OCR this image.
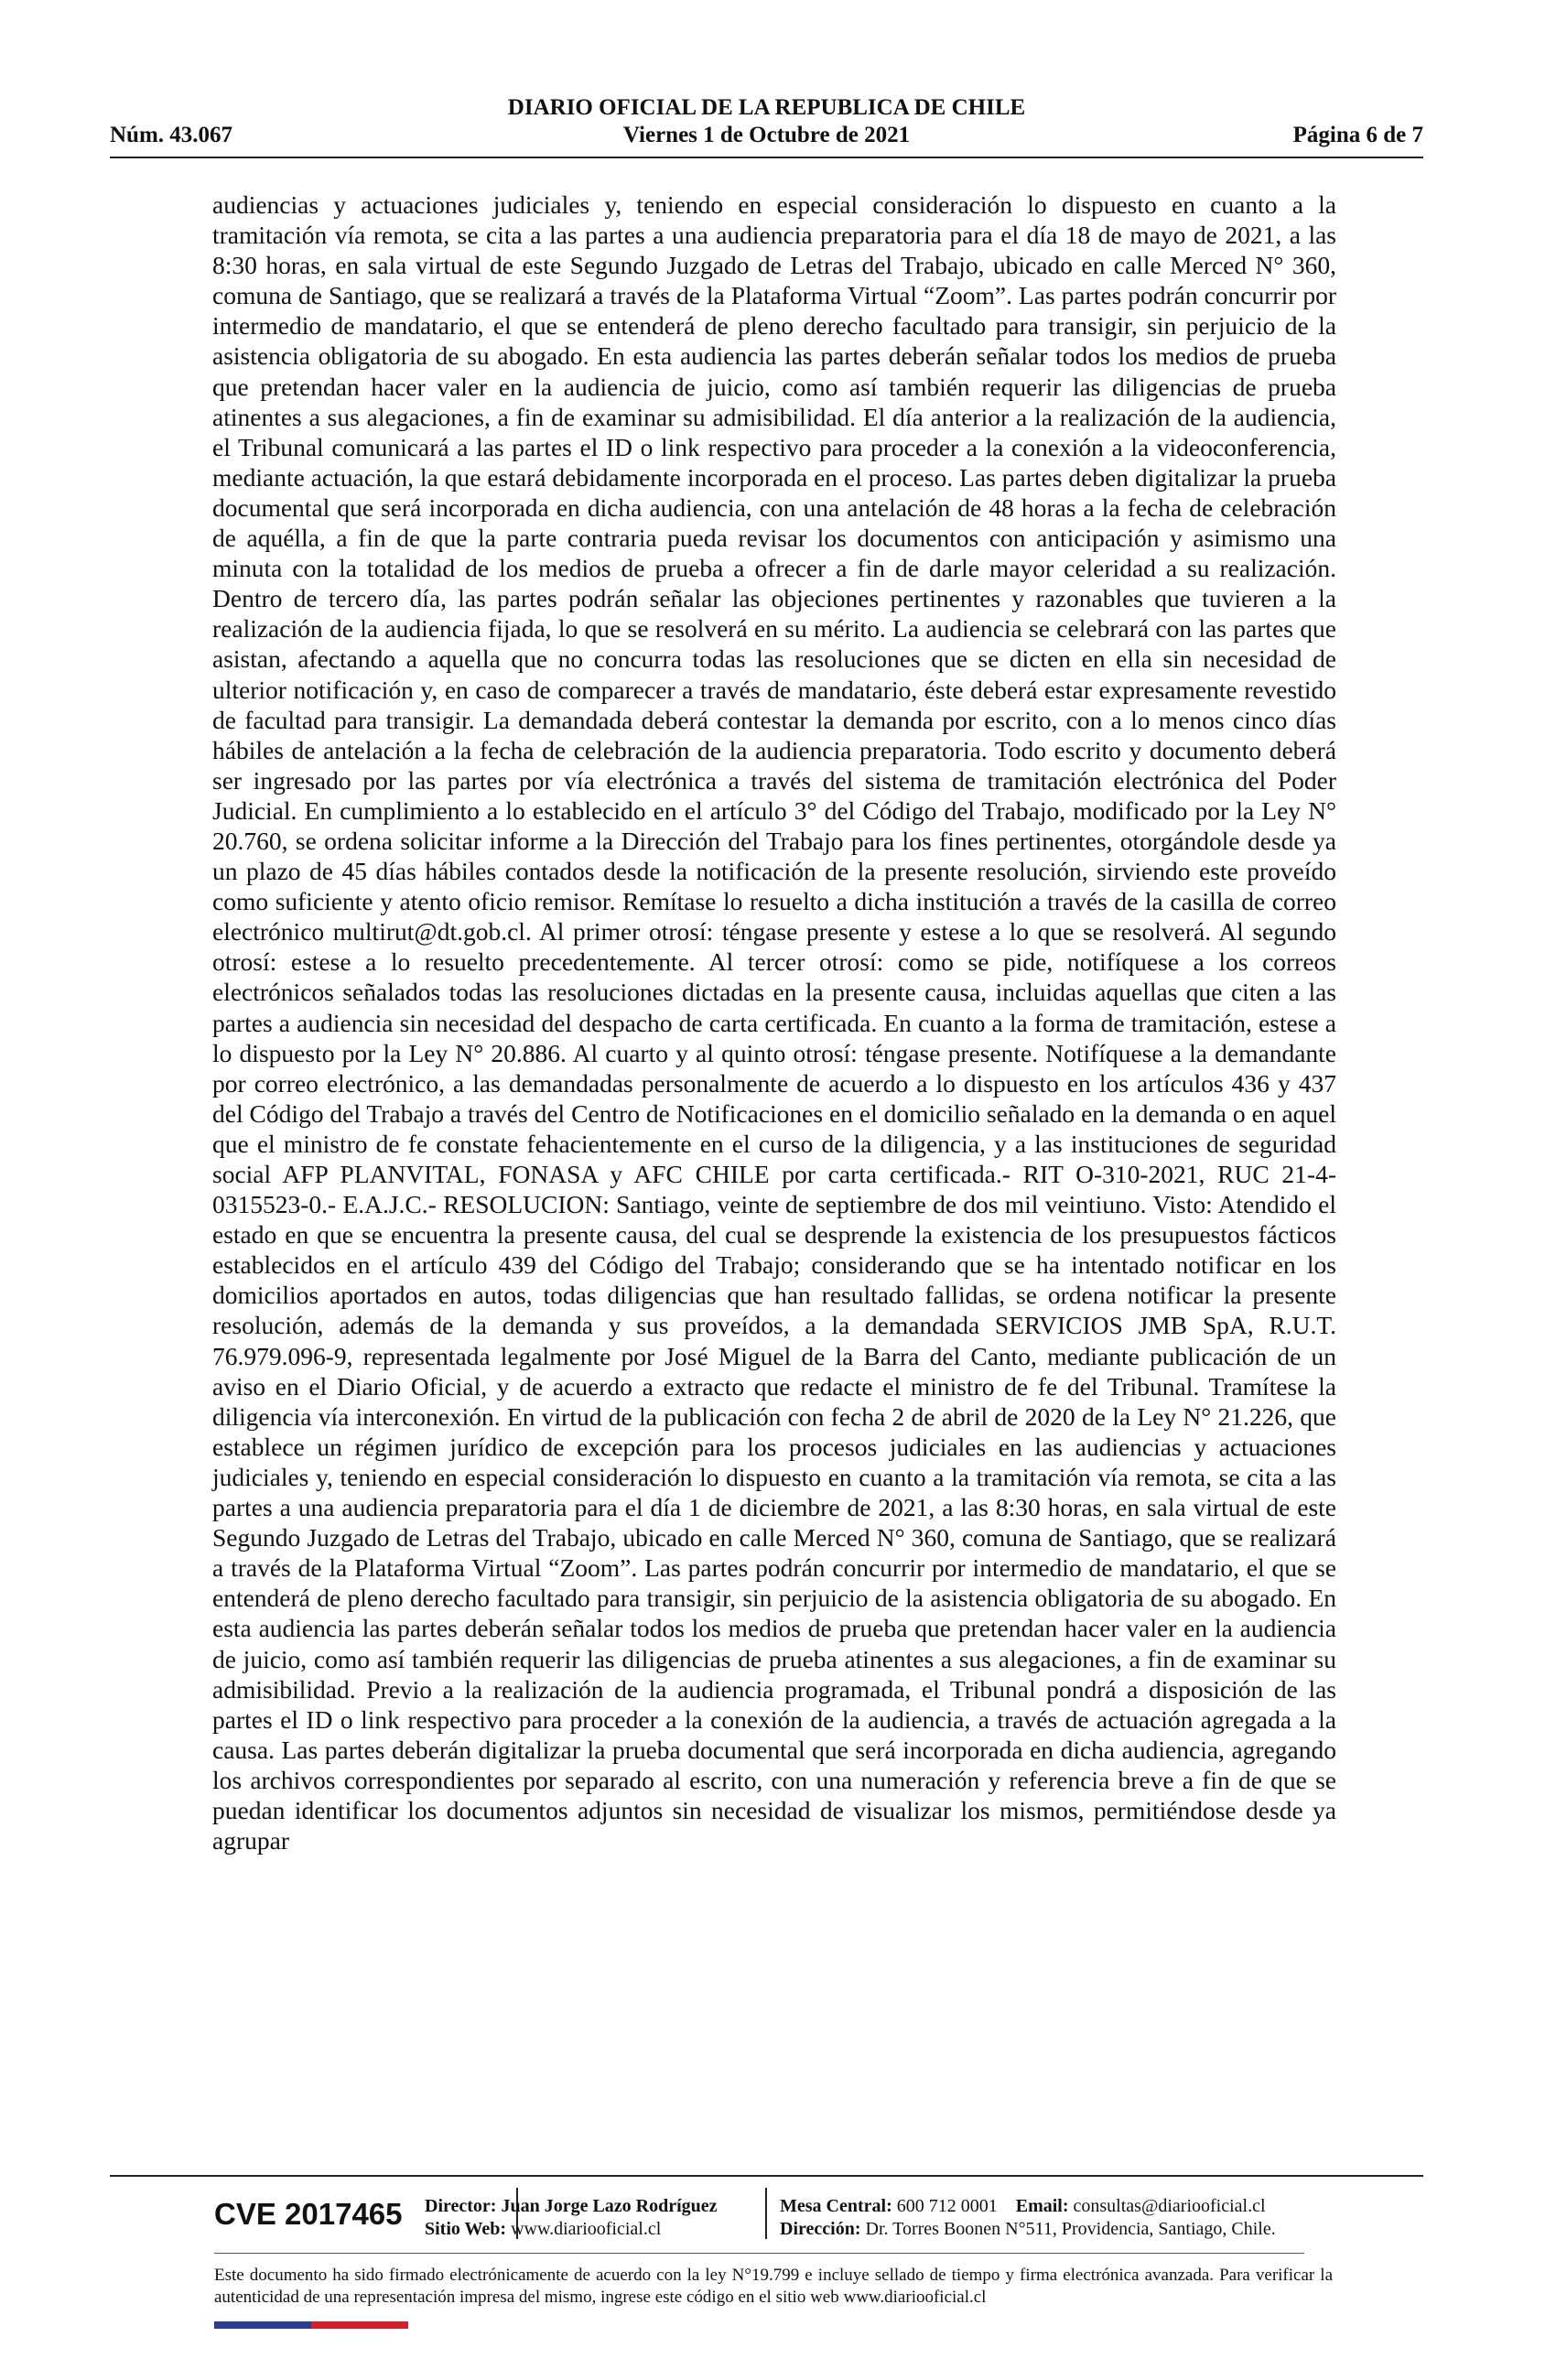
DIARIO OFICIAL DE LA REPUBLICA DE CHILE
Núm. 43.067	Viernes 1 de Octubre de 2021	Página 6 de 7

audiencias y actuaciones judiciales y, teniendo en especial consideración lo dispuesto en cuanto a la tramitación vía remota, se cita a las partes a una audiencia preparatoria para el día 18 de mayo de 2021, a las 8:30 horas, en sala virtual de este Segundo Juzgado de Letras del Trabajo, ubicado en calle Merced N° 360, comuna de Santiago, que se realizará a través de la Plataforma Virtual “Zoom”. Las partes podrán concurrir por intermedio de mandatario, el que se entenderá de pleno derecho facultado para transigir, sin perjuicio de la asistencia obligatoria de su abogado. En esta audiencia las partes deberán señalar todos los medios de prueba que pretendan hacer valer en la audiencia de juicio, como así también requerir las diligencias de prueba atinentes a sus alegaciones, a fin de examinar su admisibilidad. El día anterior a la realización de la audiencia, el Tribunal comunicará a las partes el ID o link respectivo para proceder a la conexión a la videoconferencia, mediante actuación, la que estará debidamente incorporada en el proceso. Las partes deben digitalizar la prueba documental que será incorporada en dicha audiencia, con una antelación de 48 horas a la fecha de celebración de aquélla, a fin de que la parte contraria pueda revisar los documentos con anticipación y asimismo una minuta con la totalidad de los medios de prueba a ofrecer a fin de darle mayor celeridad a su realización. Dentro de tercero día, las partes podrán señalar las objeciones pertinentes y razonables que tuvieren a la realización de la audiencia fijada, lo que se resolverá en su mérito. La audiencia se celebrará con las partes que asistan, afectando a aquella que no concurra todas las resoluciones que se dicten en ella sin necesidad de ulterior notificación y, en caso de comparecer a través de mandatario, éste deberá estar expresamente revestido de facultad para transigir. La demandada deberá contestar la demanda por escrito, con a lo menos cinco días hábiles de antelación a la fecha de celebración de la audiencia preparatoria. Todo escrito y documento deberá ser ingresado por las partes por vía electrónica a través del sistema de tramitación electrónica del Poder Judicial. En cumplimiento a lo establecido en el artículo 3° del Código del Trabajo, modificado por la Ley N° 20.760, se ordena solicitar informe a la Dirección del Trabajo para los fines pertinentes, otorgándole desde ya un plazo de 45 días hábiles contados desde la notificación de la presente resolución, sirviendo este proveído como suficiente y atento oficio remisor. Remítase lo resuelto a dicha institución a través de la casilla de correo electrónico multirut@dt.gob.cl. Al primer otrosí: téngase presente y estese a lo que se resolverá. Al segundo otrosí: estese a lo resuelto precedentemente. Al tercer otrosí: como se pide, notifíquese a los correos electrónicos señalados todas las resoluciones dictadas en la presente causa, incluidas aquellas que citen a las partes a audiencia sin necesidad del despacho de carta certificada. En cuanto a la forma de tramitación, estese a lo dispuesto por la Ley N° 20.886. Al cuarto y al quinto otrosí: téngase presente. Notifíquese a la demandante por correo electrónico, a las demandadas personalmente de acuerdo a lo dispuesto en los artículos 436 y 437 del Código del Trabajo a través del Centro de Notificaciones en el domicilio señalado en la demanda o en aquel que el ministro de fe constate fehacientemente en el curso de la diligencia, y a las instituciones de seguridad social AFP PLANVITAL, FONASA y AFC CHILE por carta certificada.- RIT O-310-2021, RUC 21-4-0315523-0.- E.A.J.C.- RESOLUCION: Santiago, veinte de septiembre de dos mil veintiuno. Visto: Atendido el estado en que se encuentra la presente causa, del cual se desprende la existencia de los presupuestos fácticos establecidos en el artículo 439 del Código del Trabajo; considerando que se ha intentado notificar en los domicilios aportados en autos, todas diligencias que han resultado fallidas, se ordena notificar la presente resolución, además de la demanda y sus proveídos, a la demandada SERVICIOS JMB SpA, R.U.T. 76.979.096-9, representada legalmente por José Miguel de la Barra del Canto, mediante publicación de un aviso en el Diario Oficial, y de acuerdo a extracto que redacte el ministro de fe del Tribunal. Tramítese la diligencia vía interconexión. En virtud de la publicación con fecha 2 de abril de 2020 de la Ley N° 21.226, que establece un régimen jurídico de excepción para los procesos judiciales en las audiencias y actuaciones judiciales y, teniendo en especial consideración lo dispuesto en cuanto a la tramitación vía remota, se cita a las partes a una audiencia preparatoria para el día 1 de diciembre de 2021, a las 8:30 horas, en sala virtual de este Segundo Juzgado de Letras del Trabajo, ubicado en calle Merced N° 360, comuna de Santiago, que se realizará a través de la Plataforma Virtual “Zoom”. Las partes podrán concurrir por intermedio de mandatario, el que se entenderá de pleno derecho facultado para transigir, sin perjuicio de la asistencia obligatoria de su abogado. En esta audiencia las partes deberán señalar todos los medios de prueba que pretendan hacer valer en la audiencia de juicio, como así también requerir las diligencias de prueba atinentes a sus alegaciones, a fin de examinar su admisibilidad. Previo a la realización de la audiencia programada, el Tribunal pondrá a disposición de las partes el ID o link respectivo para proceder a la conexión de la audiencia, a través de actuación agregada a la causa. Las partes deberán digitalizar la prueba documental que será incorporada en dicha audiencia, agregando los archivos correspondientes por separado al escrito, con una numeración y referencia breve a fin de que se puedan identificar los documentos adjuntos sin necesidad de visualizar los mismos, permitiéndose desde ya agrupar

CVE 2017465 Director: Juan Jorge Lazo Rodríguez
Sitio Web: www.diariooficial.cl
Mesa Central: 600 712 0001 Email: consultas@diariooficial.cl
Dirección: Dr. Torres Boonen N°511, Providencia, Santiago, Chile.
Este documento ha sido firmado electrónicamente de acuerdo con la ley N°19.799 e incluye sellado de tiempo y firma electrónica avanzada. Para verificar la autenticidad de una representación impresa del mismo, ingrese este código en el sitio web www.diariooficial.cl
